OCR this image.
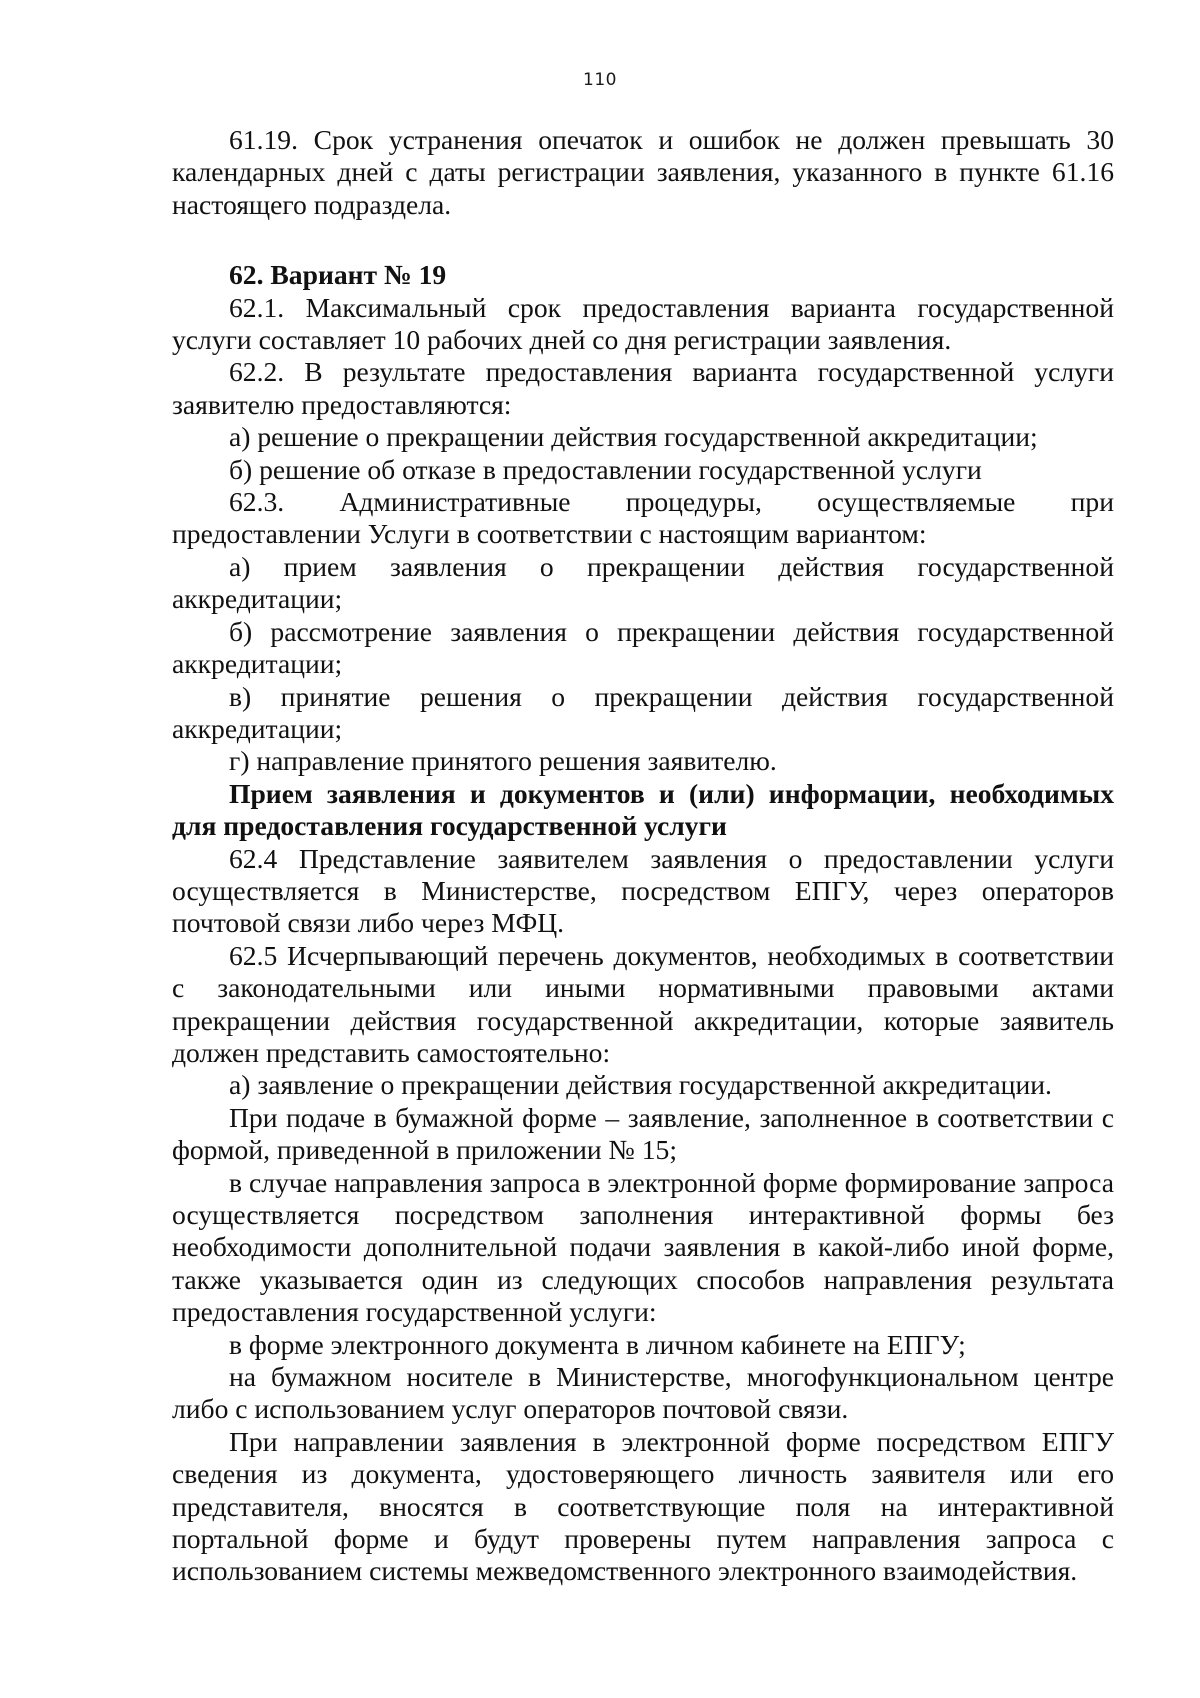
110

61.19. Срок устранения опечаток и ошибок не должен превышать 30 календарных дней с даты регистрации заявления, указанного в пункте 61.16 настоящего подраздела.

62. Вариант № 19

62.1. Максимальный срок предоставления варианта государственной услуги составляет 10 рабочих дней со дня регистрации заявления.

62.2. В результате предоставления варианта государственной услуги заявителю предоставляются:

а) решение о прекращении действия государственной аккредитации;

б) решение об отказе в предоставлении государственной услуги

62.3. Административные процедуры, осуществляемые при предоставлении Услуги в соответствии с настоящим вариантом:

а) прием заявления о прекращении действия государственной аккредитации;

б) рассмотрение заявления о прекращении действия государственной аккредитации;

в) принятие решения о прекращении действия государственной аккредитации;

г) направление принятого решения заявителю.

Прием заявления и документов и (или) информации, необходимых для предоставления государственной услуги

62.4 Представление заявителем заявления о предоставлении услуги осуществляется в Министерстве, посредством ЕПГУ, через операторов почтовой связи либо через МФЦ.

62.5 Исчерпывающий перечень документов, необходимых в соответствии с законодательными или иными нормативными правовыми актами прекращении действия государственной аккредитации, которые заявитель должен представить самостоятельно:

а) заявление о прекращении действия государственной аккредитации.

При подаче в бумажной форме – заявление, заполненное в соответствии с формой, приведенной в приложении № 15;

в случае направления запроса в электронной форме формирование запроса осуществляется посредством заполнения интерактивной формы без необходимости дополнительной подачи заявления в какой-либо иной форме, также указывается один из следующих способов направления результата предоставления государственной услуги:

в форме электронного документа в личном кабинете на ЕПГУ;

на бумажном носителе в Министерстве, многофункциональном центре либо с использованием услуг операторов почтовой связи.

При направлении заявления в электронной форме посредством ЕПГУ сведения из документа, удостоверяющего личность заявителя или его представителя, вносятся в соответствующие поля на интерактивной портальной форме и будут проверены путем направления запроса с использованием системы межведомственного электронного взаимодействия.
